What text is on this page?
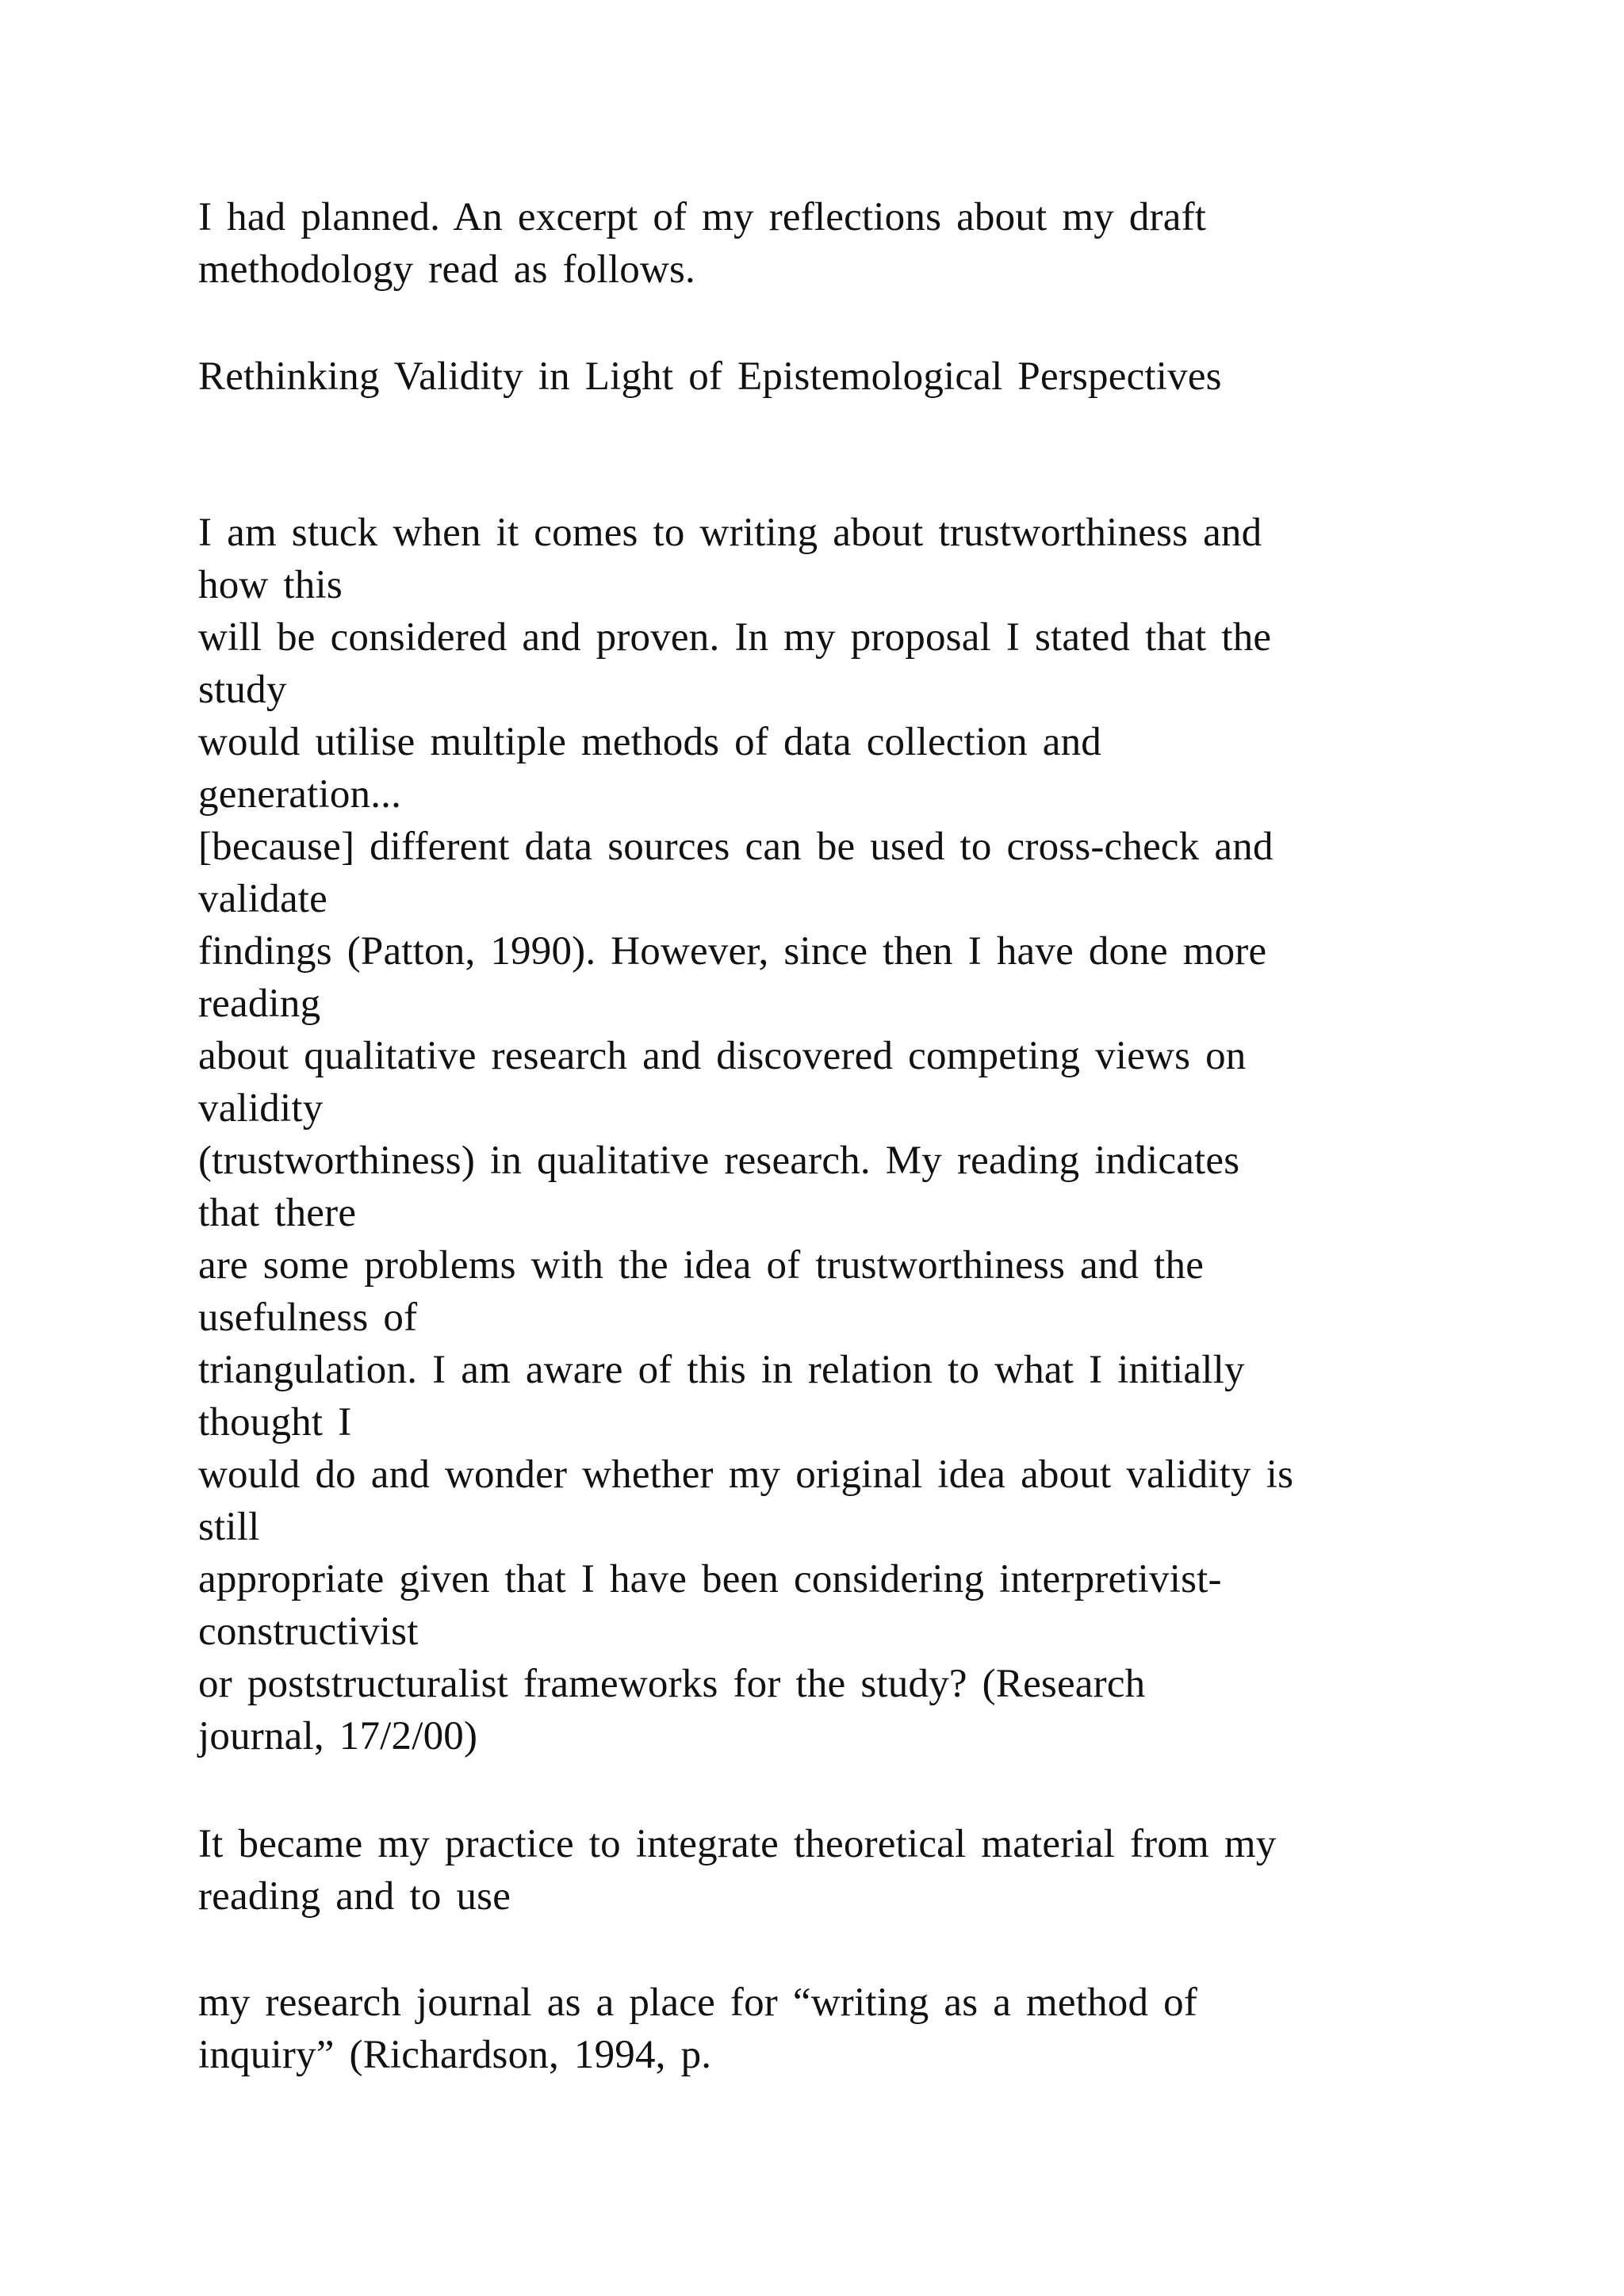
I had planned. An excerpt of my reflections about my draft
methodology read as follows.
Rethinking Validity in Light of Epistemological Perspectives
I am stuck when it comes to writing about trustworthiness and
how this
will be considered and proven. In my proposal I stated that the
study
would utilise multiple methods of data collection and
generation...
[because] different data sources can be used to cross-check and
validate
findings (Patton, 1990). However, since then I have done more
reading
about qualitative research and discovered competing views on
validity
(trustworthiness) in qualitative research. My reading indicates
that there
are some problems with the idea of trustworthiness and the
usefulness of
triangulation. I am aware of this in relation to what I initially
thought I
would do and wonder whether my original idea about validity is
still
appropriate given that I have been considering interpretivist-
constructivist
or poststructuralist frameworks for the study? (Research
journal, 17/2/00)
It became my practice to integrate theoretical material from my
reading and to use
my research journal as a place for “writing as a method of
inquiry” (Richardson, 1994, p.
